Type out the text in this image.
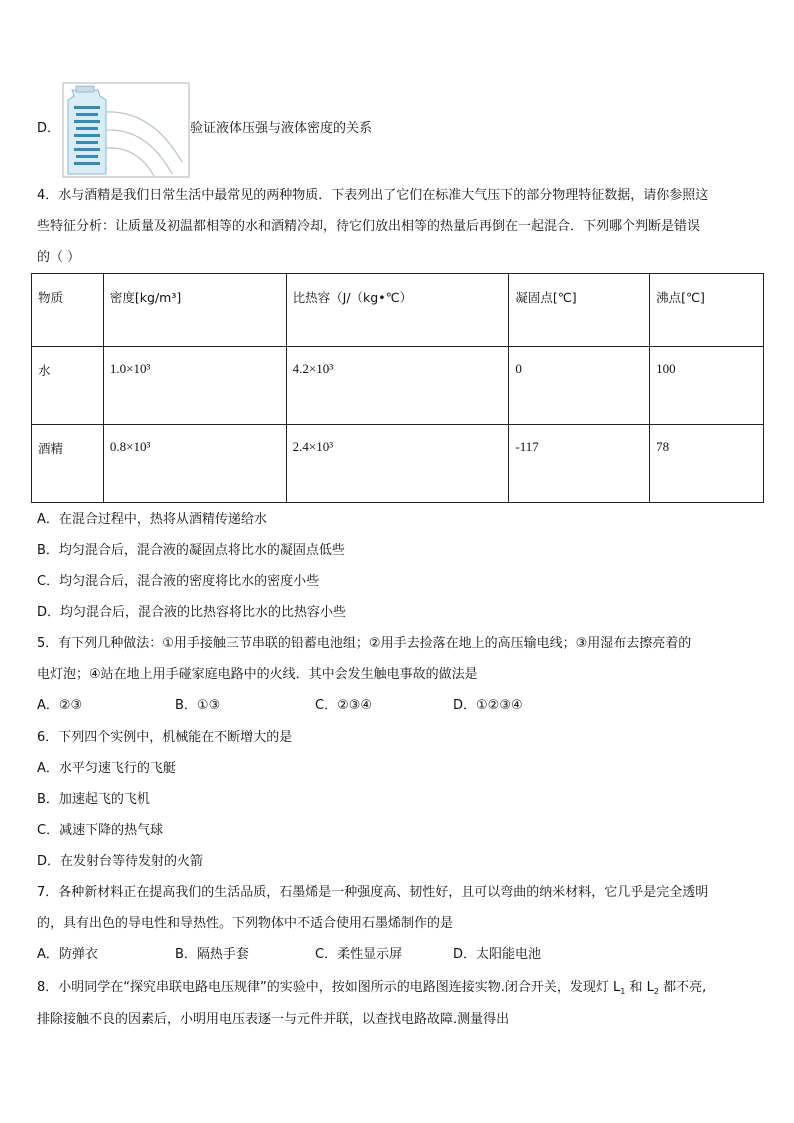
D．	验证液体压强与液体密度的关系
4．水与酒精是我们日常生活中最常见的两种物质．下表列出了它们在标准大气压下的部分物理特征数据，请你参照这
些特征分析：让质量及初温都相等的水和酒精冷却，待它们放出相等的热量后再倒在一起混合．下列哪个判断是错误
的（ ）
物质	密度[kg/m³]	比热容（J/（kg•℃）	凝固点[℃]	沸点[℃]
水	1.0×10³	4.2×10³	0	100
酒精	0.8×10³	2.4×10³	-117	78
A．在混合过程中，热将从酒精传递给水
B．均匀混合后，混合液的凝固点将比水的凝固点低些
C．均匀混合后，混合液的密度将比水的密度小些
D．均匀混合后，混合液的比热容将比水的比热容小些
5．有下列几种做法：①用手接触三节串联的铅蓄电池组；②用手去捡落在地上的高压输电线；③用湿布去擦亮着的
电灯泡；④站在地上用手碰家庭电路中的火线．其中会发生触电事故的做法是
A．②③	B．①③	C．②③④	D．①②③④
6．下列四个实例中，机械能在不断增大的是
A．水平匀速飞行的飞艇
B．加速起飞的飞机
C．减速下降的热气球
D．在发射台等待发射的火箭
7．各种新材料正在提高我们的生活品质，石墨烯是一种强度高、韧性好，且可以弯曲的纳米材料，它几乎是完全透明
的，具有出色的导电性和导热性。下列物体中不适合使用石墨烯制作的是
A．防弹衣	B．隔热手套	C．柔性显示屏	D．太阳能电池
8．小明同学在“探究串联电路电压规律”的实验中，按如图所示的电路图连接实物.闭合开关，发现灯 $L_1$ 和 $L_2$ 都不亮,
排除接触不良的因素后，小明用电压表逐一与元件并联，以查找电路故障.测量得出
